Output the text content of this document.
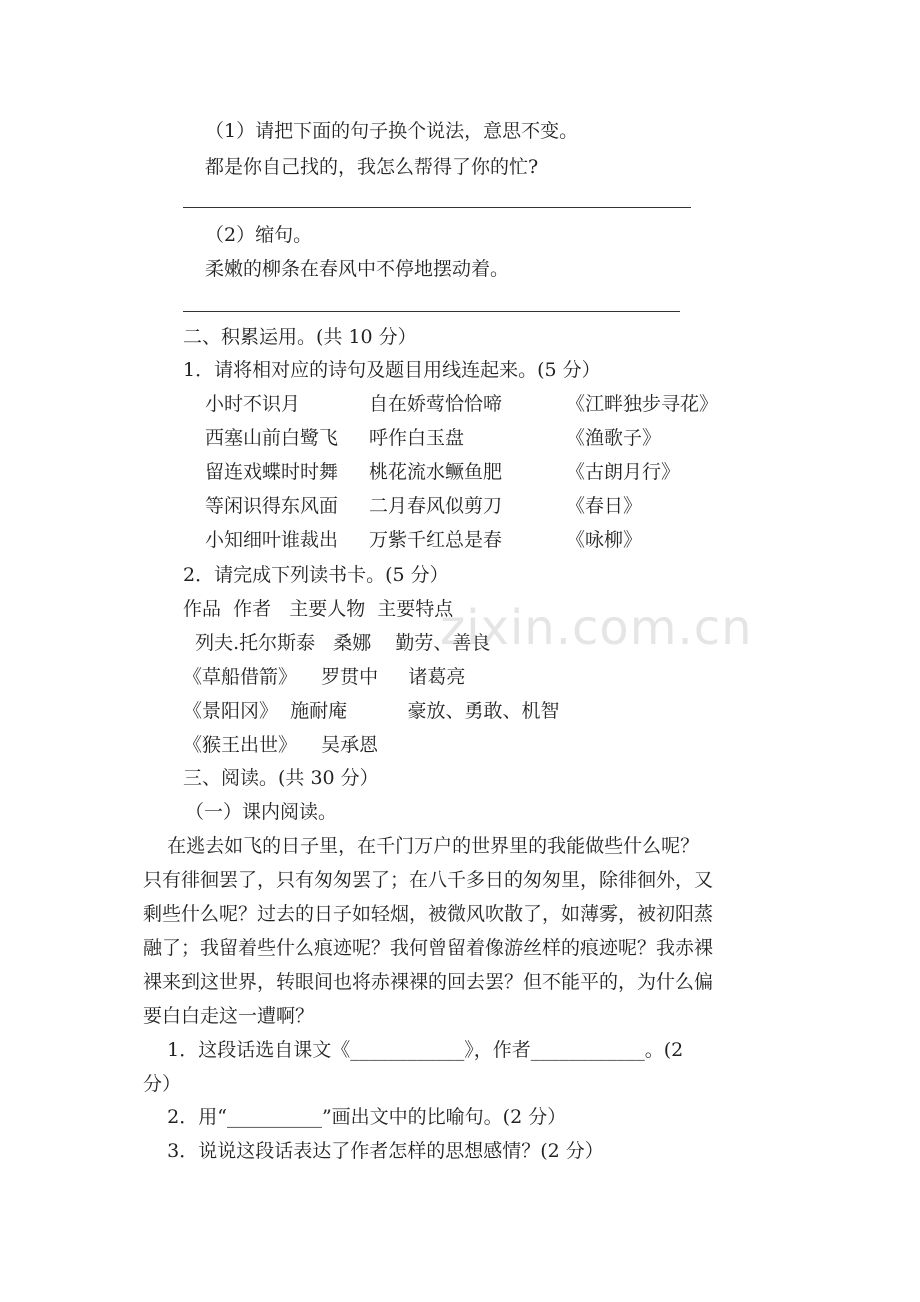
zixin.com.cn
（1）请把下面的句子换个说法，意思不变。
都是你自己找的，我怎么帮得了你的忙?
（2）缩句。
柔嫩的柳条在春风中不停地摆动着。
二、积累运用。(共 10 分）
1．请将相对应的诗句及题目用线连起来。(5 分）
小时不识月	自在娇莺恰恰啼	《江畔独步寻花》
西塞山前白鹭飞 呼作白玉盘	《渔歌子》
留连戏蝶时时舞 桃花流水鳜鱼肥	《古朗月行》
等闲识得东风面 二月春风似剪刀	《春日》
小知细叶谁裁出 万紫千红总是春	《咏柳》
2．请完成下列读书卡。(5 分）
作品  作者   主要人物  主要特点
列夫.托尔斯泰   桑娜    勤劳、善良
《草船借箭》    罗贯中     诸葛亮
《景阳冈》  施耐庵          豪放、勇敢、机智
《猴王出世》    吴承恩
三、阅读。(共 30 分）
（一）课内阅读。
在逃去如飞的日子里，在千门万户的世界里的我能做些什么呢？
只有徘徊罢了，只有匆匆罢了；在八千多日的匆匆里，除徘徊外，又
剩些什么呢？过去的日子如轻烟，被微风吹散了，如薄雾，被初阳蒸
融了；我留着些什么痕迹呢？我何曾留着像游丝样的痕迹呢？我赤裸
裸来到这世界，转眼间也将赤裸裸的回去罢？但不能平的，为什么偏
要白白走这一遭啊？
1．这段话选自课文《____________》，作者____________。(2
分）
2．用“__________”画出文中的比喻句。(2 分）
3．说说这段话表达了作者怎样的思想感情？(2 分）
